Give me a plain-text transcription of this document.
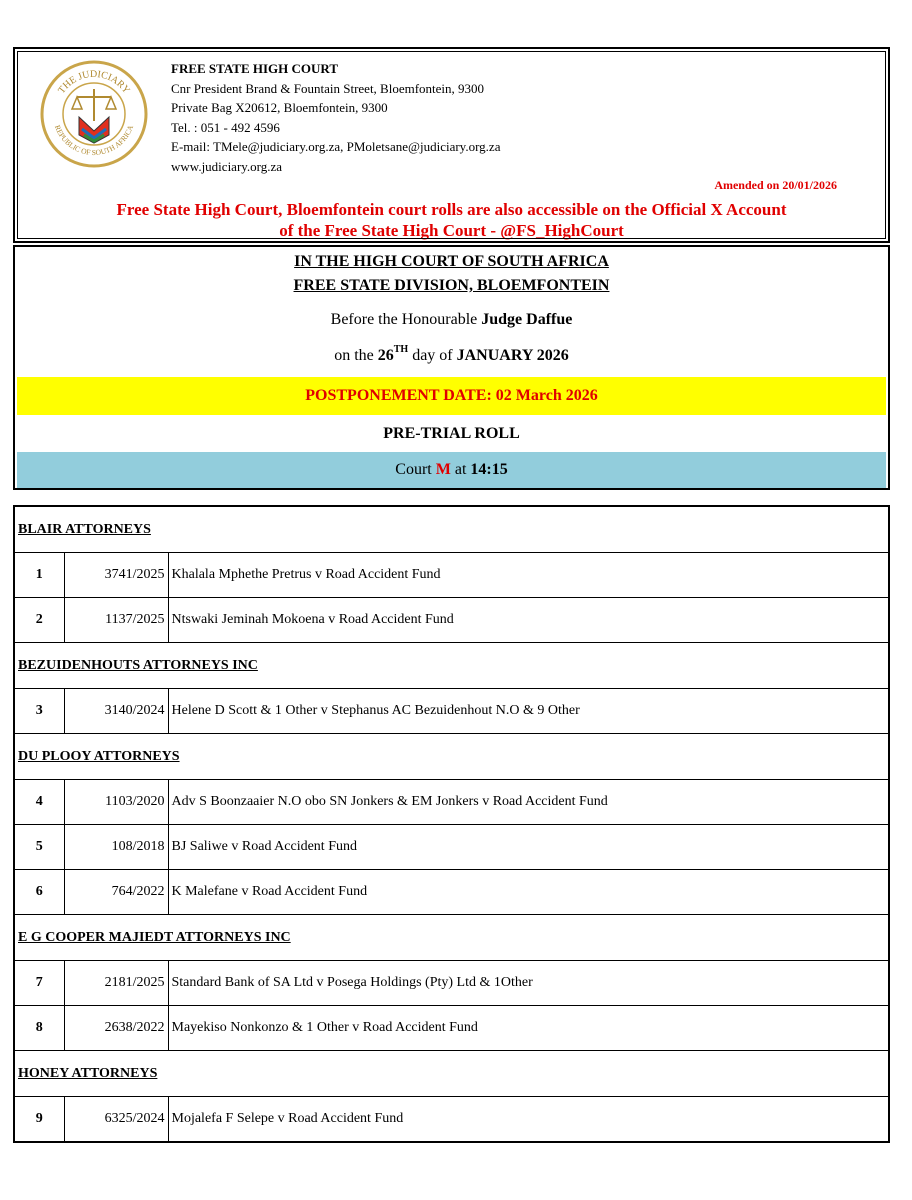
THE JUDICIARY
REPUBLIC OF SOUTH AFRICA
FREE STATE HIGH COURT
Cnr President Brand & Fountain Street, Bloemfontein, 9300
Private Bag X20612, Bloemfontein, 9300
Tel. : 051 - 492 4596
E-mail: TMele@judiciary.org.za, PMoletsane@judiciary.org.za
www.judiciary.org.za
Amended on 20/01/2026
Free State High Court, Bloemfontein court rolls are also accessible on the Official X Account
of the Free State High Court - @FS_HighCourt
IN THE HIGH COURT OF SOUTH AFRICA
FREE STATE DIVISION, BLOEMFONTEIN
Before the Honourable Judge Daffue
on the 26TH day of JANUARY 2026
POSTPONEMENT DATE: 02 March 2026
PRE-TRIAL ROLL
Court M at 14:15
BLAIR ATTORNEYS		
1	3741/2025	Khalala Mphethe Pretrus v Road Accident Fund
2	1137/2025	Ntswaki Jeminah Mokoena v Road Accident Fund
BEZUIDENHOUTS ATTORNEYS INC		
3	3140/2024	Helene D Scott & 1 Other v Stephanus AC Bezuidenhout N.O & 9 Other
DU PLOOY ATTORNEYS		
4	1103/2020	Adv S Boonzaaier N.O obo SN Jonkers & EM Jonkers v Road Accident Fund
5	108/2018	BJ Saliwe v Road Accident Fund
6	764/2022	K Malefane v Road Accident Fund
E G COOPER MAJIEDT ATTORNEYS INC		
7	2181/2025	Standard Bank of SA Ltd v Posega Holdings (Pty) Ltd & 1Other
8	2638/2022	Mayekiso Nonkonzo & 1 Other v Road Accident Fund
HONEY ATTORNEYS		
9	6325/2024	Mojalefa F Selepe v Road Accident Fund
